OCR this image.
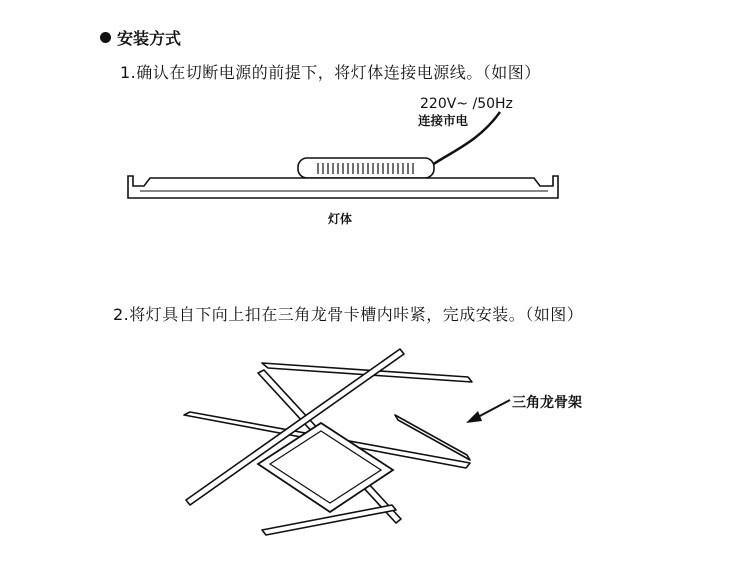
安装方式
1.确认在切断电源的前提下，将灯体连接电源线。（如图）
2.将灯具自下向上扣在三角龙骨卡槽内咔紧，完成安装。（如图）
220V~ /50Hz
连接市电
灯体
三角龙骨架
